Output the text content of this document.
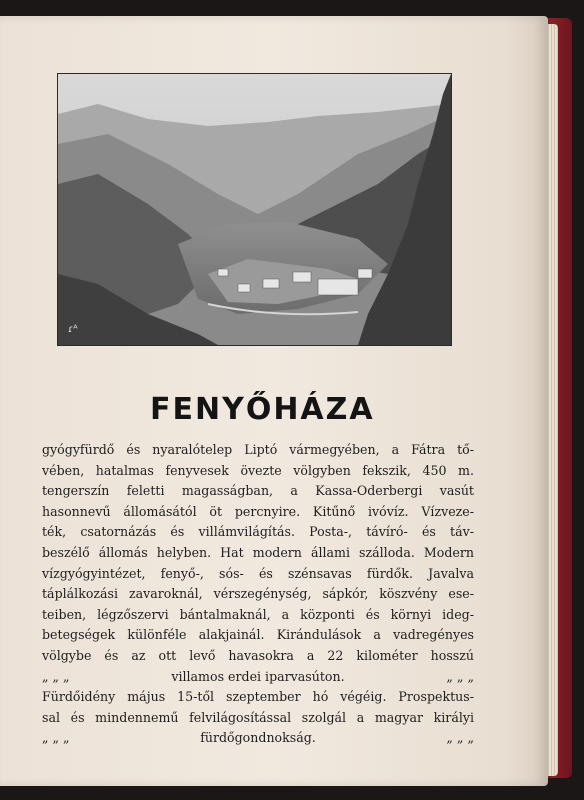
ɾᴬ
FENYŐHÁZA
gyógyfürdő és nyaralótelep Liptó vármegyében, a Fátra tő-
vében, hatalmas fenyvesek övezte völgyben fekszik, 450 m.
tengerszín feletti magasságban, a Kassa-Oderbergi vasút
hasonnevű állomásától öt percnyire. Kitűnő ivóvíz. Vízveze-
ték, csatornázás és villámvilágítás. Posta-, távíró- és táv-
beszélő állomás helyben. Hat modern állami szálloda. Modern
vízgyógyintézet, fenyő-, sós- és szénsavas fürdők. Javalva
táplálkozási zavaroknál, vérszegénység, sápkór, köszvény ese-
teiben, légzőszervi bántalmaknál, a központi és környi ideg-
betegségek különféle alakjainál. Kirándulások a vadregényes
völgybe és az ott levő havasokra a 22 kilométer hosszú
„ „ „	villamos erdei iparvasúton.	„ „ „
Fürdőidény május 15-től szeptember hó végéig. Prospektus-
sal és mindennemű felvilágosítással szolgál a magyar királyi
„ „ „	fürdőgondnokság.	„ „ „
